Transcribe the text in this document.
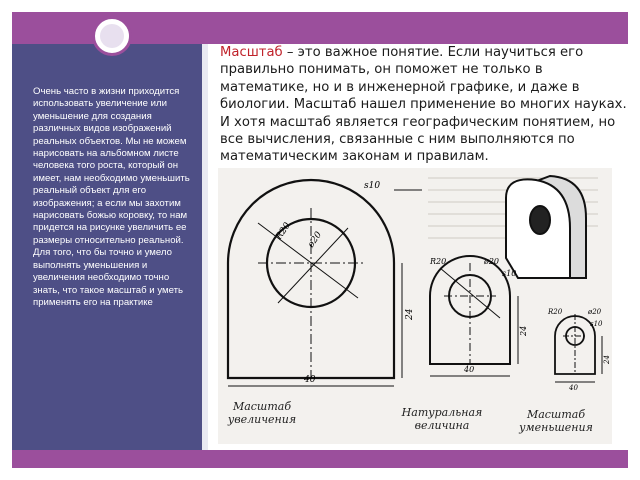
Очень часто в жизни приходится использовать увеличение или уменьшение для создания различных видов изображений реальных объектов. Мы не можем нарисовать на альбомном листе человека того роста, который он имеет, нам необходимо уменьшить реальный объект для его изображения; а если мы захотим нарисовать божью коровку, то нам придется на рисунке увеличить ее размеры относительно реальной. Для того, что бы точно и умело выполнять уменьшения и увеличения необходимо точно знать, что такое масштаб и уметь применять его на практике
Масштаб – это важное понятие. Если научиться его правильно понимать, он поможет не только в математике, но и в инженерной графике, и даже в биологии. Масштаб нашел применение во многих науках. И хотя масштаб является географическим понятием, но все вычисления, связанные с ним выполняются по математическим законам и правилам.
s10
R20 ø20
24
40
R20	ø20
s10
24
40
R20	ø20
s10
24
40
Масштаб
увеличения
Натуральная
величина
Масштаб
уменьшения
